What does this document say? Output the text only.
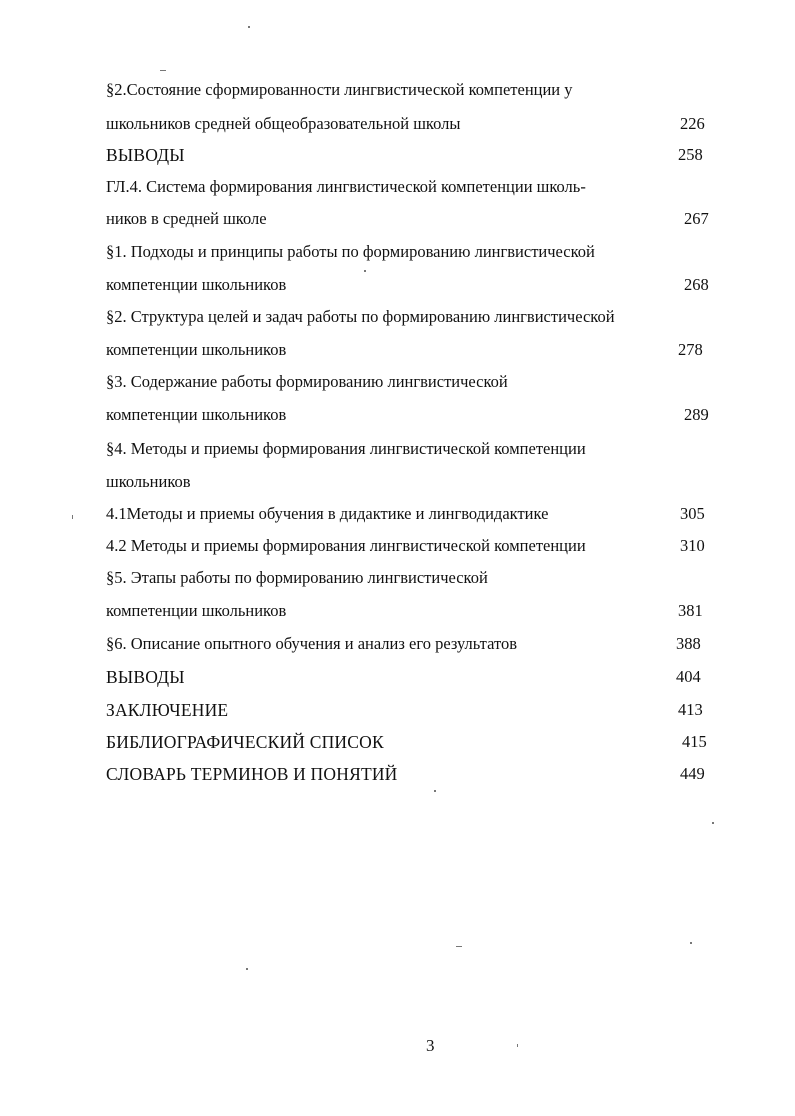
§2.Состояние сформированности лингвистической компетенции у
школьников средней общеобразовательной школы	226
ВЫВОДЫ	258
ГЛ.4. Система формирования лингвистической компетенции школь-
ников в средней школе	267
§1. Подходы и принципы работы по формированию лингвистической
компетенции школьников	268
§2. Структура целей и задач работы по формированию лингвистической
компетенции школьников	278
§3. Содержание работы формированию лингвистической
компетенции школьников	289
§4. Методы и приемы формирования лингвистической компетенции
школьников
4.1Методы и приемы обучения в дидактике и лингводидактике	305
4.2 Методы и приемы формирования лингвистической компетенции	310
§5. Этапы работы по формированию лингвистической
компетенции школьников	381
§6. Описание опытного обучения и анализ его результатов	388
ВЫВОДЫ	404
ЗАКЛЮЧЕНИЕ	413
БИБЛИОГРАФИЧЕСКИЙ СПИСОК	415
СЛОВАРЬ ТЕРМИНОВ И ПОНЯТИЙ	449
3
